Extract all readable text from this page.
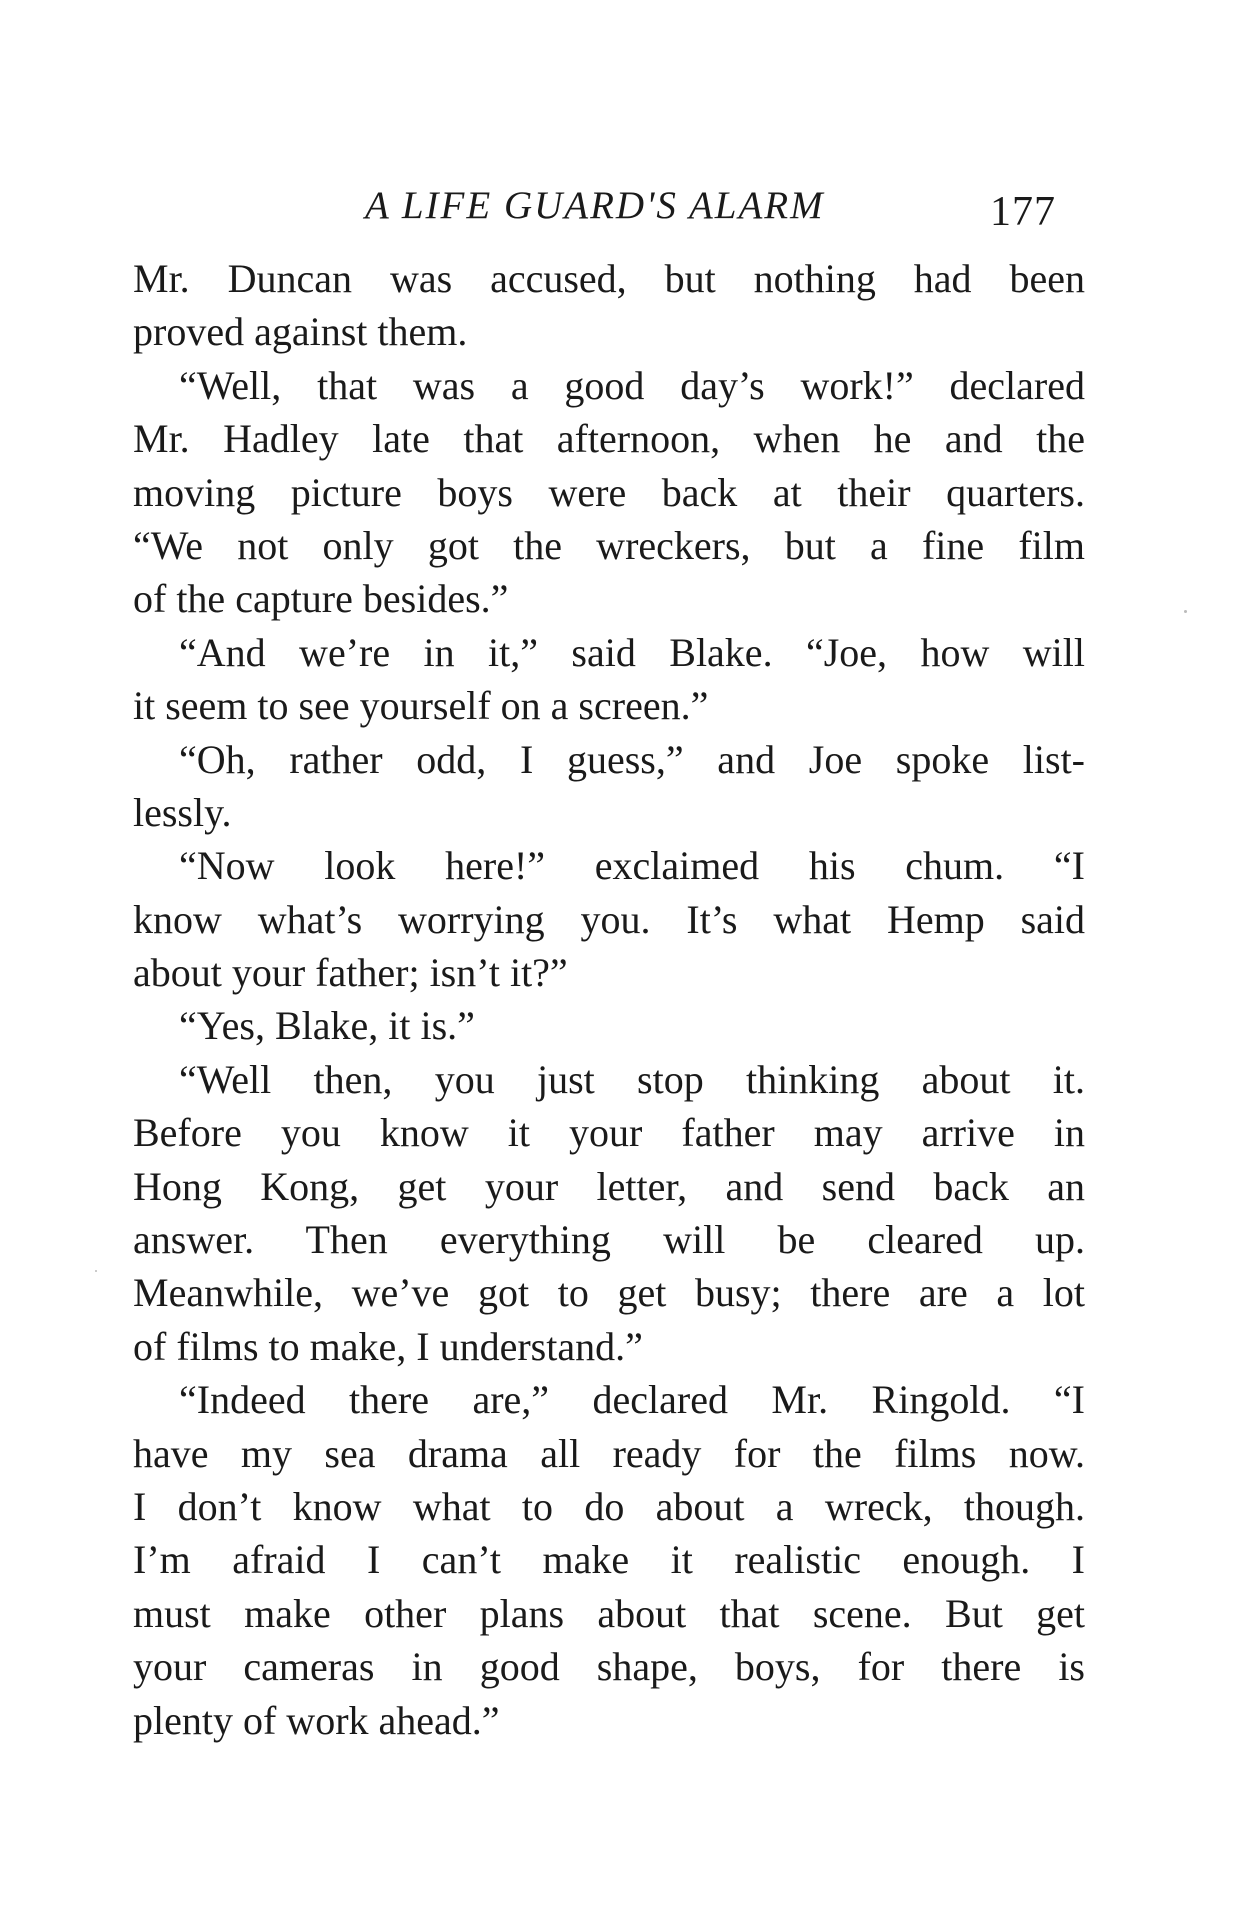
A LIFE GUARD'S ALARM	177
Mr. Duncan was accused, but nothing had been
proved against them.
“Well, that was a good day’s work!” declared
Mr. Hadley late that afternoon, when he and the
moving picture boys were back at their quarters.
“We not only got the wreckers, but a fine film
of the capture besides.”
“And we’re in it,” said Blake. “Joe, how will
it seem to see yourself on a screen.”
“Oh, rather odd, I guess,” and Joe spoke list-
lessly.
“Now look here!” exclaimed his chum. “I
know what’s worrying you. It’s what Hemp said
about your father; isn’t it?”
“Yes, Blake, it is.”
“Well then, you just stop thinking about it.
Before you know it your father may arrive in
Hong Kong, get your letter, and send back an
answer. Then everything will be cleared up.
Meanwhile, we’ve got to get busy; there are a lot
of films to make, I understand.”
“Indeed there are,” declared Mr. Ringold. “I
have my sea drama all ready for the films now.
I don’t know what to do about a wreck, though.
I’m afraid I can’t make it realistic enough. I
must make other plans about that scene. But get
your cameras in good shape, boys, for there is
plenty of work ahead.”
